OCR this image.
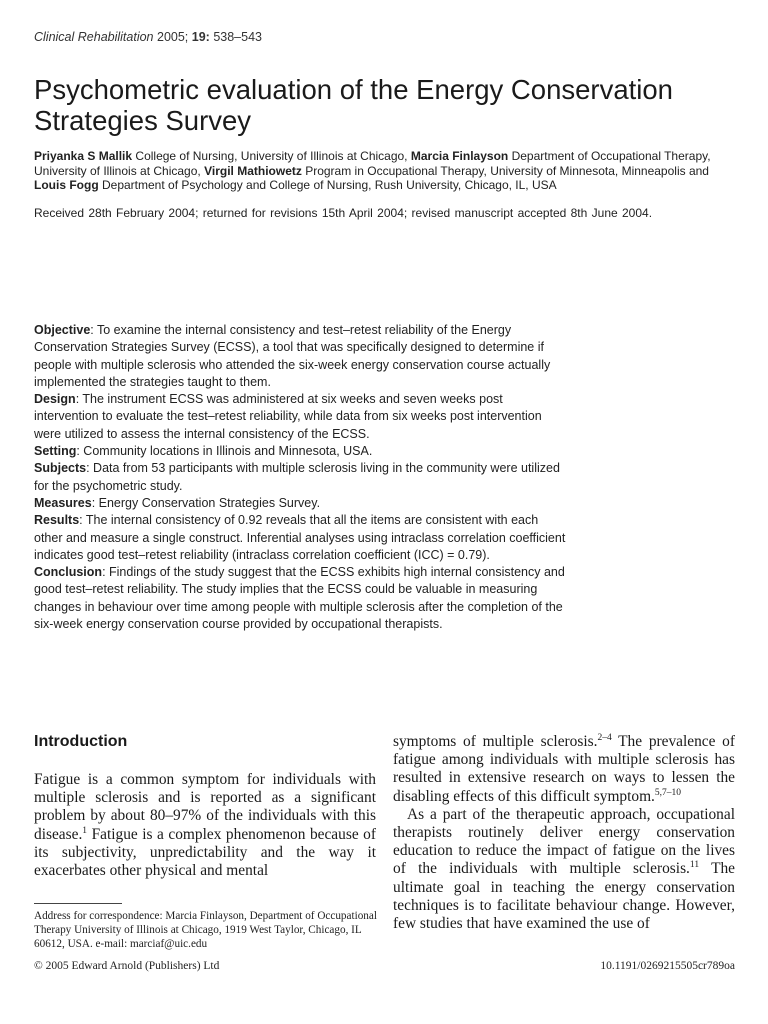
Clinical Rehabilitation 2005; 19: 538–543
Psychometric evaluation of the Energy Conservation Strategies Survey
Priyanka S Mallik College of Nursing, University of Illinois at Chicago, Marcia Finlayson Department of Occupational Therapy, University of Illinois at Chicago, Virgil Mathiowetz Program in Occupational Therapy, University of Minnesota, Minneapolis and Louis Fogg Department of Psychology and College of Nursing, Rush University, Chicago, IL, USA
Received 28th February 2004; returned for revisions 15th April 2004; revised manuscript accepted 8th June 2004.

Objective: To examine the internal consistency and test–retest reliability of the Energy Conservation Strategies Survey (ECSS), a tool that was specifically designed to determine if people with multiple sclerosis who attended the six-week energy conservation course actually implemented the strategies taught to them.

Design: The instrument ECSS was administered at six weeks and seven weeks post intervention to evaluate the test–retest reliability, while data from six weeks post intervention were utilized to assess the internal consistency of the ECSS.

Setting: Community locations in Illinois and Minnesota, USA.

Subjects: Data from 53 participants with multiple sclerosis living in the community were utilized for the psychometric study.

Measures: Energy Conservation Strategies Survey.

Results: The internal consistency of 0.92 reveals that all the items are consistent with each other and measure a single construct. Inferential analyses using intraclass correlation coefficient indicates good test–retest reliability (intraclass correlation coefficient (ICC) = 0.79).

Conclusion: Findings of the study suggest that the ECSS exhibits high internal consistency and good test–retest reliability. The study implies that the ECSS could be valuable in measuring changes in behaviour over time among people with multiple sclerosis after the completion of the six-week energy conservation course provided by occupational therapists.

Introduction

Fatigue is a common symptom for individuals with multiple sclerosis and is reported as a significant problem by about 80–97% of the individuals with this disease.$^1$ Fatigue is a complex phenomenon because of its subjectivity, unpredictability and the way it exacerbates other physical and mental

Address for correspondence: Marcia Finlayson, Department of Occupational Therapy University of Illinois at Chicago, 1919 West Taylor, Chicago, IL 60612, USA. e-mail: marciaf@uic.edu

symptoms of multiple sclerosis.$^{2-4}$ The prevalence of fatigue among individuals with multiple sclerosis has resulted in extensive research on ways to lessen the disabling effects of this difficult symptom.$^{5,7-10}$

As a part of the therapeutic approach, occupational therapists routinely deliver energy conservation education to reduce the impact of fatigue on the lives of the individuals with multiple sclerosis.$^{11}$ The ultimate goal in teaching the energy conservation techniques is to facilitate behaviour change. However, few studies that have examined the use of

© 2005 Edward Arnold (Publishers) Ltd	10.1191/0269215505cr789oa
